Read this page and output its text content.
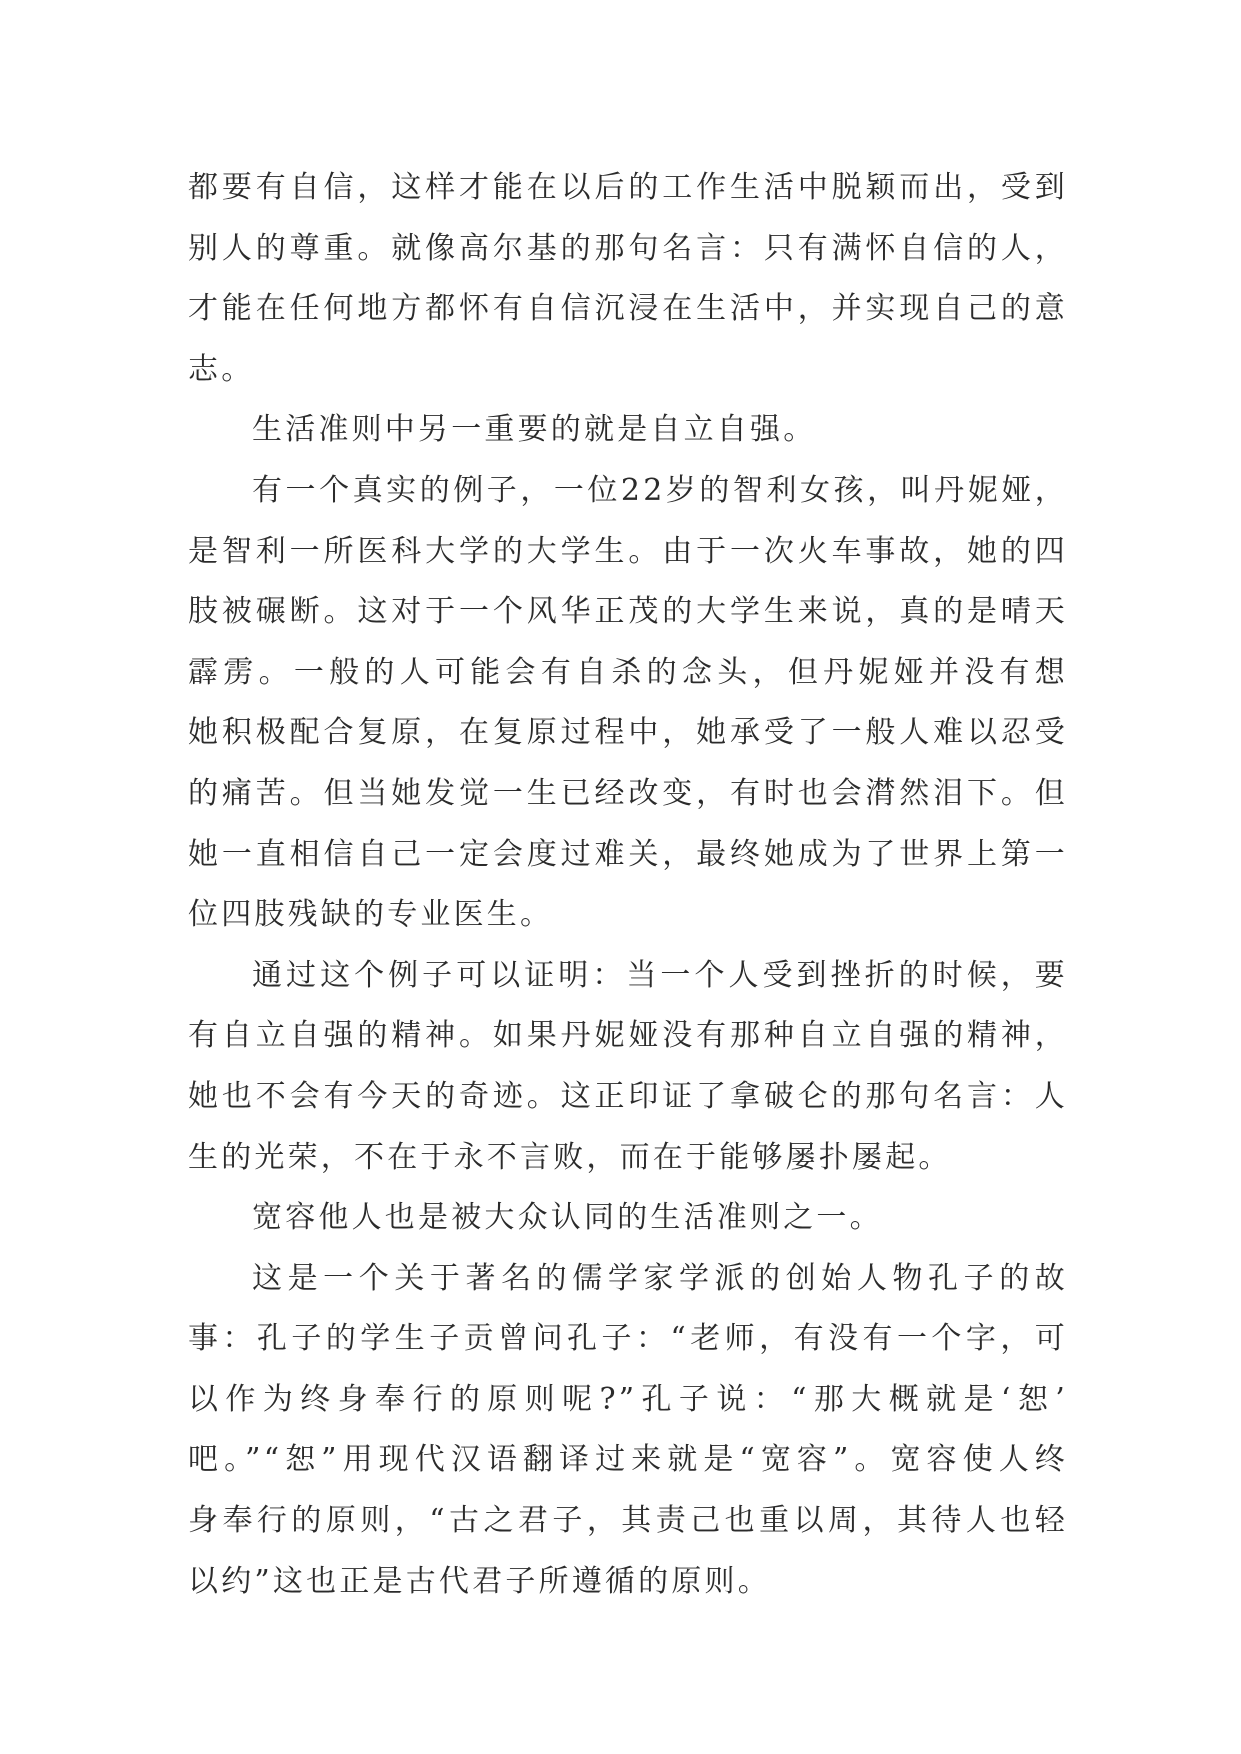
都要有自信，这样才能在以后的工作生活中脱颖而出，受到
别人的尊重。就像高尔基的那句名言：只有满怀自信的人，
才能在任何地方都怀有自信沉浸在生活中，并实现自己的意
志。
生活准则中另一重要的就是自立自强。
有一个真实的例子，一位22岁的智利女孩，叫丹妮娅，
是智利一所医科大学的大学生。由于一次火车事故，她的四
肢被碾断。这对于一个风华正茂的大学生来说，真的是晴天
霹雳。一般的人可能会有自杀的念头，但丹妮娅并没有想
她积极配合复原，在复原过程中，她承受了一般人难以忍受
的痛苦。但当她发觉一生已经改变，有时也会潸然泪下。但
她一直相信自己一定会度过难关，最终她成为了世界上第一
位四肢残缺的专业医生。
通过这个例子可以证明：当一个人受到挫折的时候，要
有自立自强的精神。如果丹妮娅没有那种自立自强的精神，
她也不会有今天的奇迹。这正印证了拿破仑的那句名言：人
生的光荣，不在于永不言败，而在于能够屡扑屡起。
宽容他人也是被大众认同的生活准则之一。
这是一个关于著名的儒学家学派的创始人物孔子的故
事：孔子的学生子贡曾问孔子：“老师，有没有一个字，可
以作为终身奉行的原则呢?”孔子说：“那大概就是‘恕’
吧。”“恕”用现代汉语翻译过来就是“宽容”。宽容使人终
身奉行的原则，“古之君子，其责己也重以周，其待人也轻
以约”这也正是古代君子所遵循的原则。
